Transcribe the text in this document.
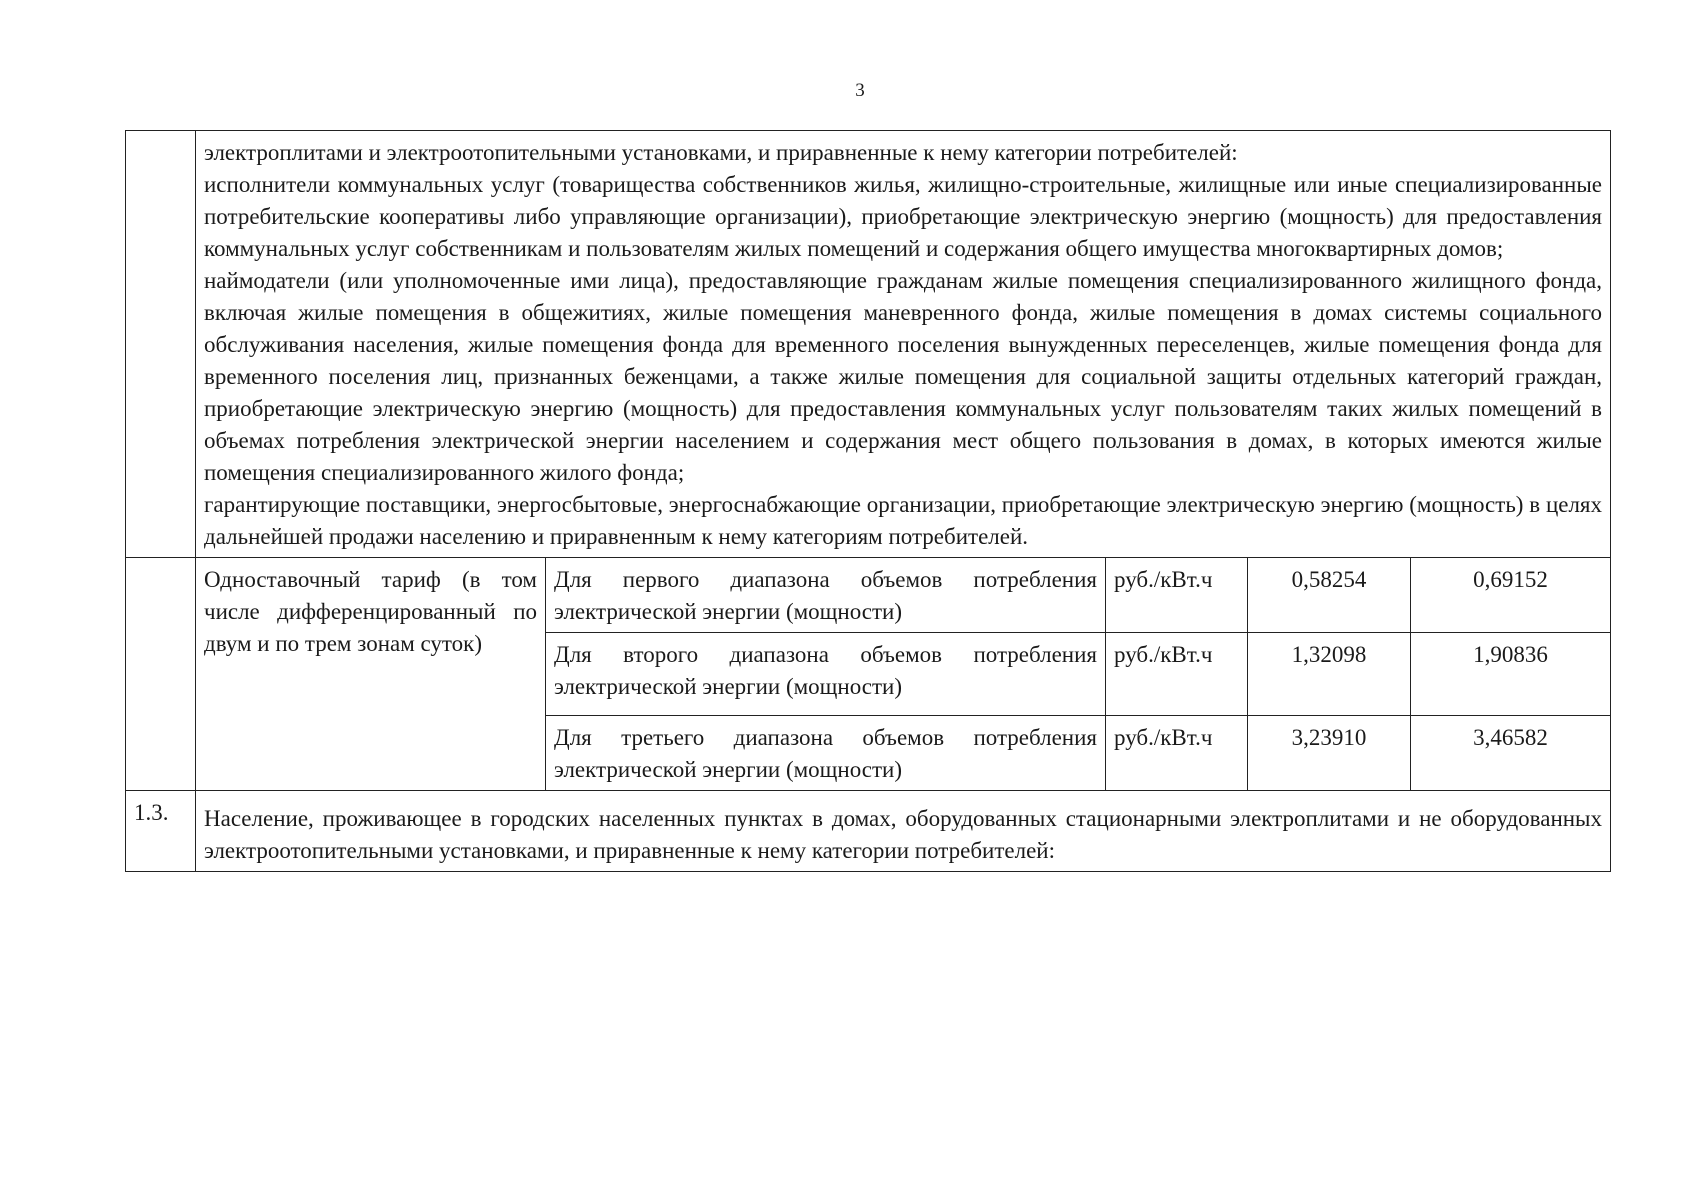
3

	электроплитами и электроотопительными установками, и приравненные к нему категории потребителей:
исполнители коммунальных услуг (товарищества собственников жилья, жилищно-строительные, жилищные или иные специализированные потребительские кооперативы либо управляющие организации), приобретающие электрическую энергию (мощность) для предоставления коммунальных услуг собственникам и пользователям жилых помещений и содержания общего имущества многоквартирных домов;
наймодатели (или уполномоченные ими лица), предоставляющие гражданам жилые помещения специализированного жилищного фонда, включая жилые помещения в общежитиях, жилые помещения маневренного фонда, жилые помещения в домах системы социального обслуживания населения, жилые помещения фонда для временного поселения вынужденных переселенцев, жилые помещения фонда для временного поселения лиц, признанных беженцами, а также жилые помещения для социальной защиты отдельных категорий граждан, приобретающие электрическую энергию (мощность) для предоставления коммунальных услуг пользователям таких жилых помещений в объемах потребления электрической энергии населением и содержания мест общего пользования в домах, в которых имеются жилые помещения специализированного жилого фонда;
гарантирующие поставщики, энергосбытовые, энергоснабжающие организации, приобретающие электрическую энергию (мощность) в целях дальнейшей продажи населению и приравненным к нему категориям потребителей.				

	Одноставочный тариф (в том числе дифференцированный по двум и по трем зонам суток)	Для первого диапазона объемов потребления электрической энергии (мощности)	руб./кВт.ч	0,58254	0,69152
		Для второго диапазона объемов потребления электрической энергии (мощности)	руб./кВт.ч	1,32098	1,90836
		Для третьего диапазона объемов потребления электрической энергии (мощности)	руб./кВт.ч	3,23910	3,46582
1.3.	Население, проживающее в городских населенных пунктах в домах, оборудованных стационарными электроплитами и не оборудованных электроотопительными установками, и приравненные к нему категории потребителей:				
